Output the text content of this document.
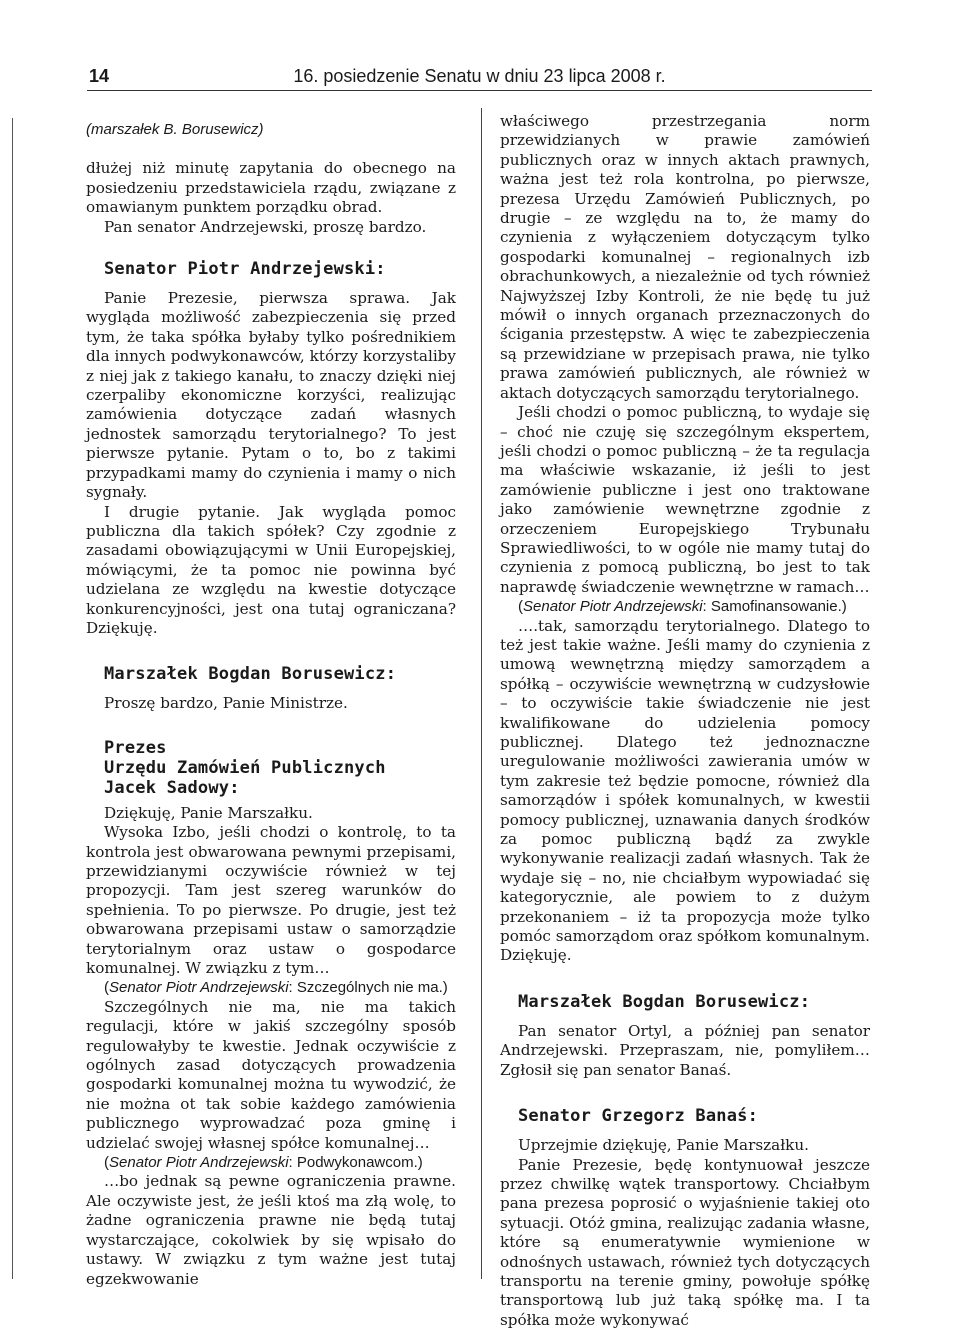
14	16. posiedzenie Senatu w dniu 23 lipca 2008 r.

(marszałek B. Borusewicz)

dłużej niż minutę zapytania do obecnego na posiedzeniu przedstawiciela rządu, związane z omawianym punktem porządku obrad.

Pan senator Andrzejewski, proszę bardzo.

Senator Piotr Andrzejewski:

Panie Prezesie, pierwsza sprawa. Jak wygląda możliwość zabezpieczenia się przed tym, że taka spółka byłaby tylko pośrednikiem dla innych podwykonawców, którzy korzystaliby z niej jak z takiego kanału, to znaczy dzięki niej czerpaliby ekonomiczne korzyści, realizując zamówienia dotyczące zadań własnych jednostek samorządu terytorialnego? To jest pierwsze pytanie. Pytam o to, bo z takimi przypadkami mamy do czynienia i mamy o nich sygnały.

I drugie pytanie. Jak wygląda pomoc publiczna dla takich spółek? Czy zgodnie z zasadami obowiązującymi w Unii Europejskiej, mówiącymi, że ta pomoc nie powinna być udzielana ze względu na kwestie dotyczące konkurencyjności, jest ona tutaj ograniczana? Dziękuję.

Marszałek Bogdan Borusewicz:

Proszę bardzo, Panie Ministrze.

Prezes
Urzędu Zamówień Publicznych
Jacek Sadowy:

Dziękuję, Panie Marszałku.

Wysoka Izbo, jeśli chodzi o kontrolę, to ta kontrola jest obwarowana pewnymi przepisami, przewidzianymi oczywiście również w tej propozycji. Tam jest szereg warunków do spełnienia. To po pierwsze. Po drugie, jest też obwarowana przepisami ustaw o samorządzie terytorialnym oraz ustaw o gospodarce komunalnej. W związku z tym…

(Senator Piotr Andrzejewski: Szczególnych nie ma.)

Szczególnych nie ma, nie ma takich regulacji, które w jakiś szczególny sposób regulowałyby te kwestie. Jednak oczywiście z ogólnych zasad dotyczących prowadzenia gospodarki komunalnej można tu wywodzić, że nie można ot tak sobie każdego zamówienia publicznego wyprowadzać poza gminę i udzielać swojej własnej spółce komunalnej…

(Senator Piotr Andrzejewski: Podwykonawcom.)

…bo jednak są pewne ograniczenia prawne. Ale oczywiste jest, że jeśli ktoś ma złą wolę, to żadne ograniczenia prawne nie będą tutaj wystarczające, cokolwiek by się wpisało do ustawy. W związku z tym ważne jest tutaj egzekwowanie

właściwego przestrzegania norm przewidzianych w prawie zamówień publicznych oraz w innych aktach prawnych, ważna jest też rola kontrolna, po pierwsze, prezesa Urzędu Zamówień Publicznych, po drugie – ze względu na to, że mamy do czynienia z wyłączeniem dotyczącym tylko gospodarki komunalnej – regionalnych izb obrachunkowych, a niezależnie od tych również Najwyższej Izby Kontroli, że nie będę tu już mówił o innych organach przeznaczonych do ścigania przestępstw. A więc te zabezpieczenia są przewidziane w przepisach prawa, nie tylko prawa zamówień publicznych, ale również w aktach dotyczących samorządu terytorialnego.

Jeśli chodzi o pomoc publiczną, to wydaje się – choć nie czuję się szczególnym ekspertem, jeśli chodzi o pomoc publiczną – że ta regulacja ma właściwie wskazanie, iż jeśli to jest zamówienie publiczne i jest ono traktowane jako zamówienie wewnętrzne zgodnie z orzeczeniem Europejskiego Trybunału Sprawiedliwości, to w ogóle nie mamy tutaj do czynienia z pomocą publiczną, bo jest to tak naprawdę świadczenie wewnętrzne w ramach…

(Senator Piotr Andrzejewski: Samofinansowanie.)

….tak, samorządu terytorialnego. Dlatego to też jest takie ważne. Jeśli mamy do czynienia z umową wewnętrzną między samorządem a spółką – oczywiście wewnętrzną w cudzysłowie – to oczywiście takie świadczenie nie jest kwalifikowane do udzielenia pomocy publicznej. Dlatego też jednoznaczne uregulowanie możliwości zawierania umów w tym zakresie też będzie pomocne, również dla samorządów i spółek komunalnych, w kwestii pomocy publicznej, uznawania danych środków za pomoc publiczną bądź za zwykle wykonywanie realizacji zadań własnych. Tak że wydaje się – no, nie chciałbym wypowiadać się kategorycznie, ale powiem to z dużym przekonaniem – iż ta propozycja może tylko pomóc samorządom oraz spółkom komunalnym. Dziękuję.

Marszałek Bogdan Borusewicz:

Pan senator Ortyl, a później pan senator Andrzejewski. Przepraszam, nie, pomyliłem… Zgłosił się pan senator Banaś.

Senator Grzegorz Banaś:

Uprzejmie dziękuję, Panie Marszałku.

Panie Prezesie, będę kontynuował jeszcze przez chwilkę wątek transportowy. Chciałbym pana prezesa poprosić o wyjaśnienie takiej oto sytuacji. Otóż gmina, realizując zadania własne, które są enumeratywnie wymienione w odnośnych ustawach, również tych dotyczących transportu na terenie gminy, powołuje spółkę transportową lub już taką spółkę ma. I ta spółka może wykonywać
